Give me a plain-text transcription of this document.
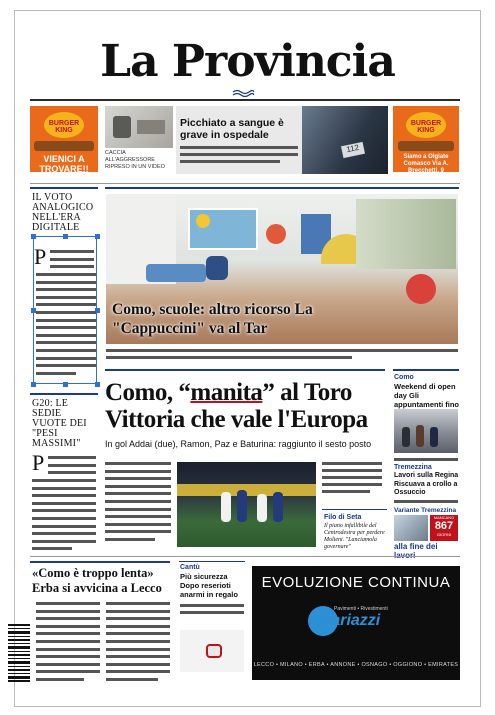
La Provincia
BURGER KING
VIENICI A TROVARE!!
CACCIA ALL'AGGRESSORE RIPRESO IN UN VIDEO
112
Picchiato a sangue è grave in ospedale
BURGER KING
Siamo a Olgiate Comasco Via A. Brecchetti, 9
IL VOTO ANALOGICO NELL'ERA DIGITALE
P
G20: LE SEDIE VUOTE DEI "PESI MASSIMI"
P
Como, scuole: altro ricorso La "Cappuccini" va al Tar
Como, “manita” al Toro
Vittoria che vale l'Europa
In gol Addai (due), Ramon, Paz e Baturina: raggiunto il sesto posto
Filo di Seta
Il piano infallibile del Centrodestra per perdere Molteni. "Lanciamola governare"
Como
Weekend di open day Gli appuntamenti fino
Tremezzina
Lavori sulla Regina Riscuava a crollo a Ossuccio
Variante Tremezzina
MANCANO
867
GIORNI
alla fine dei
«Como è troppo lenta» Erba si avvicina a Lecco
Cantù
Più sicurezza Dopo reserioti anarmi in regalo
EVOLUZIONE CONTINUA
Mariazzi
Pavimenti • Rivestimenti
LECCO • MILANO • ERBA • ANNONE • OSNAGO • OGGIONO • EMIRATES
